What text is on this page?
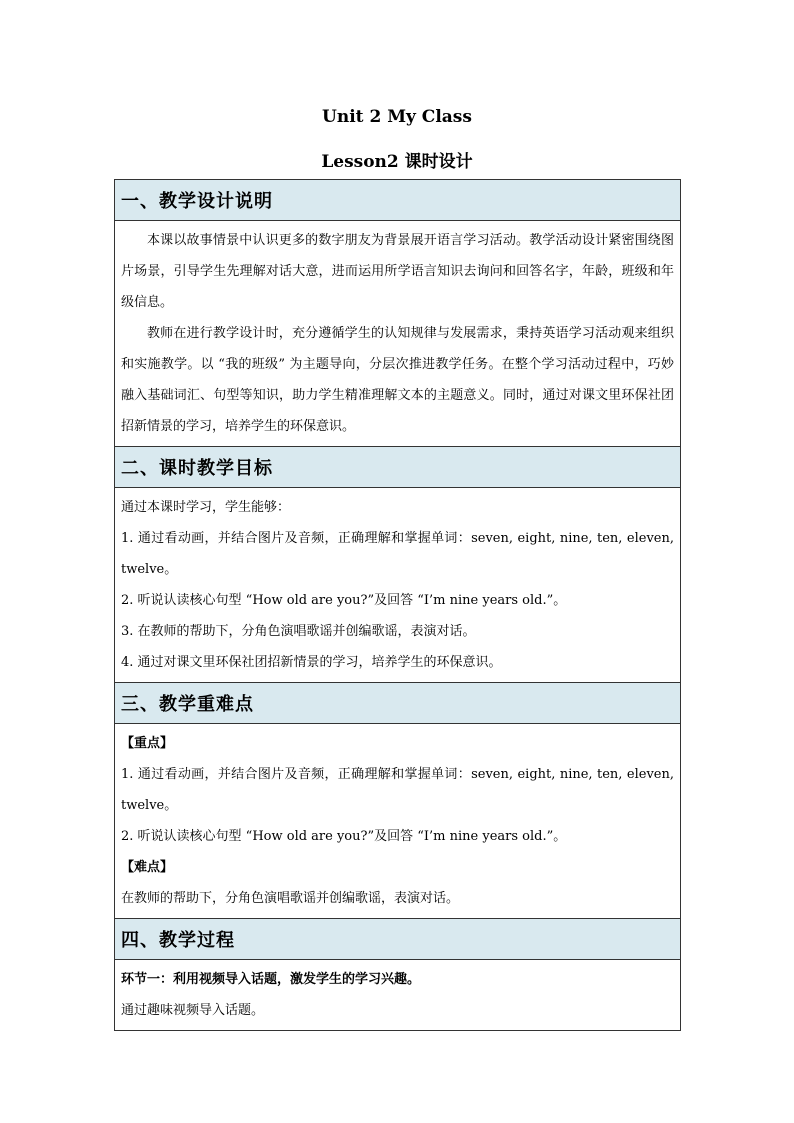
Unit 2 My Class
Lesson2 课时设计
一、教学设计说明

本课以故事情景中认识更多的数字朋友为背景展开语言学习活动。教学活动设计紧密围绕图片场景，引导学生先理解对话大意，进而运用所学语言知识去询问和回答名字，年龄，班级和年级信息。

教师在进行教学设计时，充分遵循学生的认知规律与发展需求，秉持英语学习活动观来组织和实施教学。以 “我的班级” 为主题导向，分层次推进教学任务。在整个学习活动过程中，巧妙融入基础词汇、句型等知识，助力学生精准理解文本的主题意义。同时，通过对课文里环保社团招新情景的学习，培养学生的环保意识。

二、课时教学目标

通过本课时学习，学生能够：

1. 通过看动画，并结合图片及音频，正确理解和掌握单词：seven, eight, nine, ten, eleven, twelve。

2. 听说认读核心句型 “How old are you?”及回答 “I’m nine years old.”。

3. 在教师的帮助下，分角色演唱歌谣并创编歌谣，表演对话。

4. 通过对课文里环保社团招新情景的学习，培养学生的环保意识。

三、教学重难点

【重点】

1. 通过看动画，并结合图片及音频，正确理解和掌握单词：seven, eight, nine, ten, eleven, twelve。

2. 听说认读核心句型 “How old are you?”及回答 “I’m nine years old.”。

【难点】

在教师的帮助下，分角色演唱歌谣并创编歌谣，表演对话。

四、教学过程

环节一：利用视频导入话题，激发学生的学习兴趣。

通过趣味视频导入话题。
